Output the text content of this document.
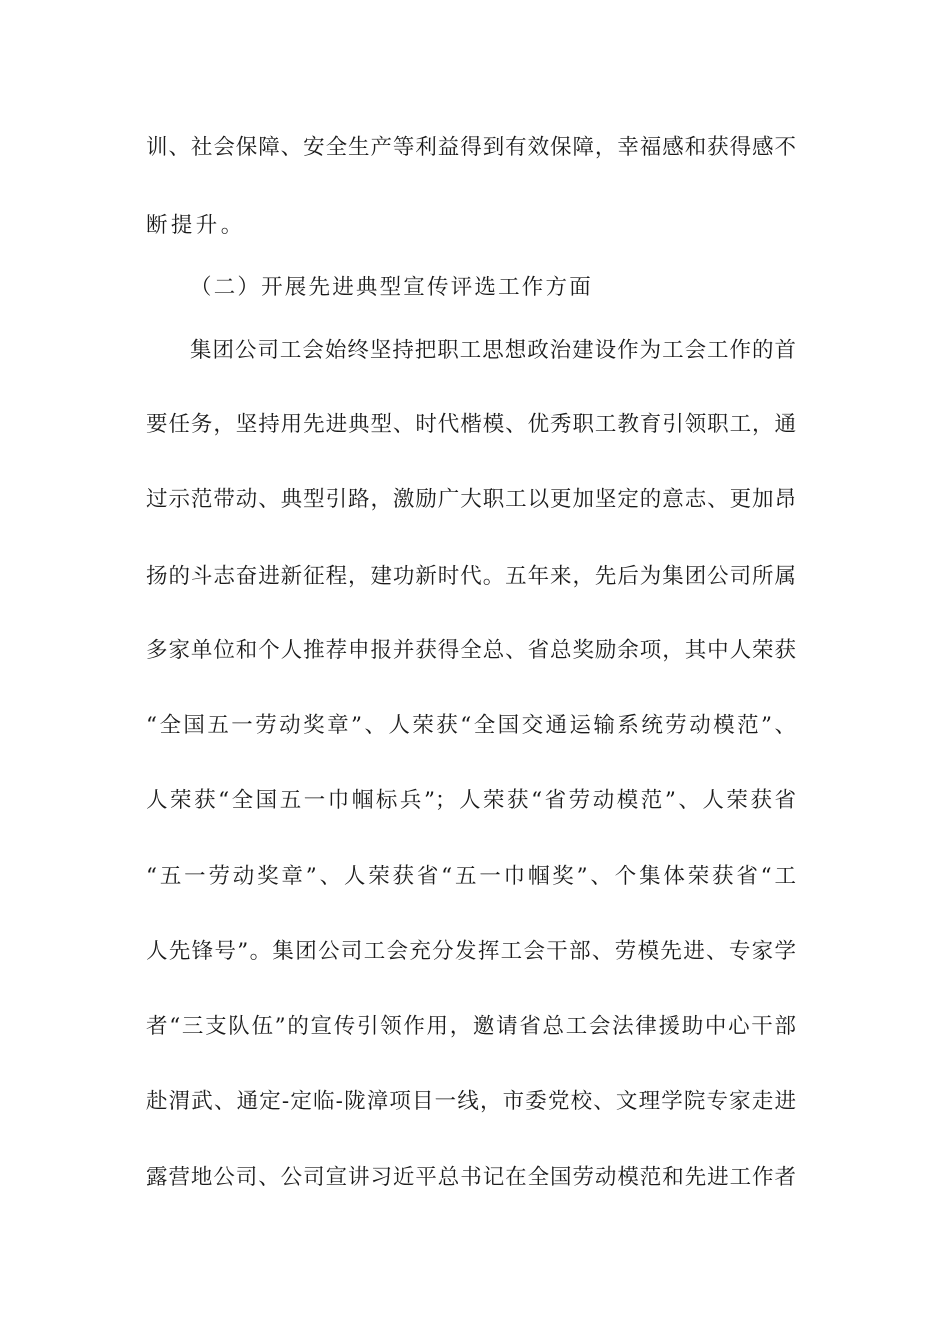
训、社会保障、安全生产等利益得到有效保障，幸福感和获得感不
断提升。
（二）开展先进典型宣传评选工作方面
集团公司工会始终坚持把职工思想政治建设作为工会工作的首
要任务，坚持用先进典型、时代楷模、优秀职工教育引领职工，通
过示范带动、典型引路，激励广大职工以更加坚定的意志、更加昂
扬的斗志奋进新征程，建功新时代。五年来，先后为集团公司所属
多家单位和个人推荐申报并获得全总、省总奖励余项，其中人荣获
“全国五一劳动奖章”、人荣获“全国交通运输系统劳动模范”、
人荣获“全国五一巾帼标兵”；人荣获“省劳动模范”、人荣获省
“五一劳动奖章”、人荣获省“五一巾帼奖”、个集体荣获省“工
人先锋号”。集团公司工会充分发挥工会干部、劳模先进、专家学
者“三支队伍”的宣传引领作用，邀请省总工会法律援助中心干部
赴渭武、通定-定临-陇漳项目一线，市委党校、文理学院专家走进
露营地公司、公司宣讲习近平总书记在全国劳动模范和先进工作者
